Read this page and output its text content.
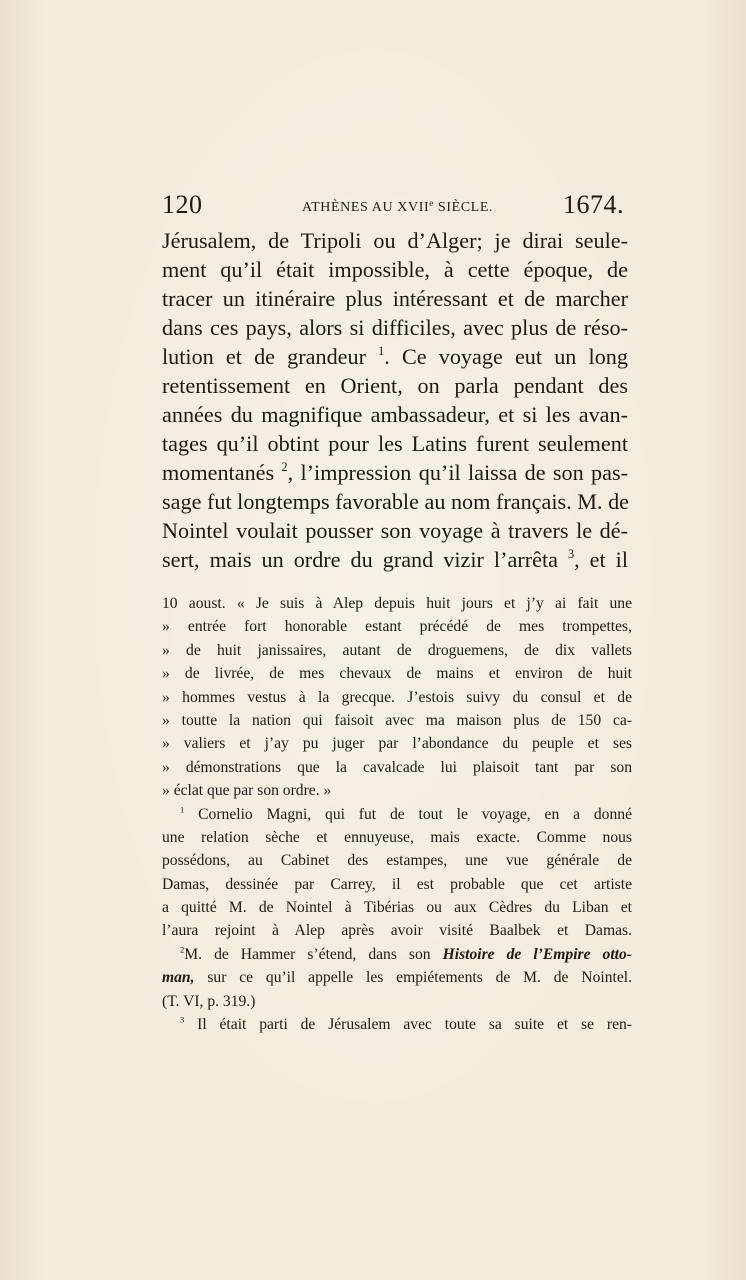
120	ATHÈNES AU XVIIe SIÈCLE.	1674.
Jérusalem, de Tripoli ou d’Alger; je dirai seule-
ment qu’il était impossible, à cette époque, de
tracer un itinéraire plus intéressant et de marcher
dans ces pays, alors si difficiles, avec plus de réso-
lution et de grandeur $^1$. Ce voyage eut un long
retentissement en Orient, on parla pendant des
années du magnifique ambassadeur, et si les avan-
tages qu’il obtint pour les Latins furent seulement
momentanés $^2$, l’impression qu’il laissa de son pas-
sage fut longtemps favorable au nom français. M. de
Nointel voulait pousser son voyage à travers le dé-
sert, mais un ordre du grand vizir l’arrêta $^3$, et il
10 aoust. « Je suis à Alep depuis huit jours et j’y ai fait une
» entrée fort honorable estant précédé de mes trompettes,
» de huit janissaires, autant de droguemens, de dix vallets
» de livrée, de mes chevaux de mains et environ de huit
» hommes vestus à la grecque. J’estois suivy du consul et de
» toutte la nation qui faisoit avec ma maison plus de 150 ca-
» valiers et j’ay pu juger par l’abondance du peuple et ses
» démonstrations que la cavalcade lui plaisoit tant par son
» éclat que par son ordre. »
$^1$ Cornelio Magni, qui fut de tout le voyage, en a donné
une relation sèche et ennuyeuse, mais exacte. Comme nous
possédons, au Cabinet des estampes, une vue générale de
Damas, dessinée par Carrey, il est probable que cet artiste
a quitté M. de Nointel à Tibérias ou aux Cèdres du Liban et
l’aura rejoint à Alep après avoir visité Baalbek et Damas.
$^2$M. de Hammer s’étend, dans son Histoire de l’Empire otto-
man, sur ce qu’il appelle les empiétements de M. de Nointel.
(T. VI, p. 319.)
$^3$ Il était parti de Jérusalem avec toute sa suite et se ren-
